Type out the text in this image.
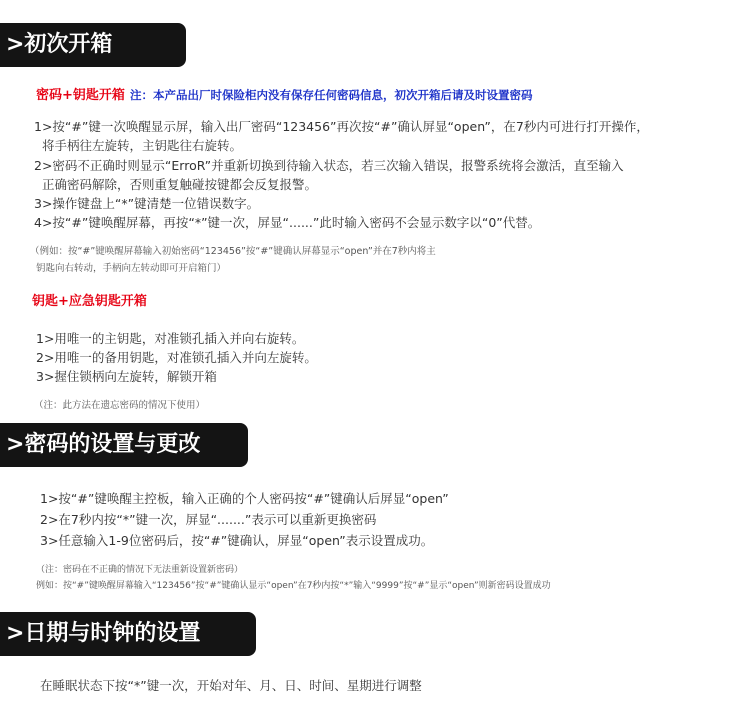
>初次开箱
密码+钥匙开箱 注：本产品出厂时保险柜内没有保存任何密码信息，初次开箱后请及时设置密码
1>按“#”键一次唤醒显示屏，输入出厂密码“123456”再次按“#”确认屏显“open”，在7秒内可进行打开操作，
将手柄往左旋转，主钥匙往右旋转。
2>密码不正确时则显示“ErroR”并重新切换到待输入状态，若三次输入错误，报警系统将会激活，直至输入
正确密码解除，否则重复触碰按键都会反复报警。
3>操作键盘上“*”键清楚一位错误数字。
4>按“#”键唤醒屏幕，再按“*”键一次，屏显“......”此时输入密码不会显示数字以“0”代替。
（例如：按“#”键唤醒屏幕输入初始密码“123456”按“#”键确认屏幕显示“open”并在7秒内将主
钥匙向右转动，手柄向左转动即可开启箱门）
钥匙+应急钥匙开箱
1>用唯一的主钥匙，对准锁孔插入并向右旋转。
2>用唯一的备用钥匙，对准锁孔插入并向左旋转。
3>握住锁柄向左旋转，解锁开箱
（注：此方法在遗忘密码的情况下使用）
>密码的设置与更改
1>按“#”键唤醒主控板，输入正确的个人密码按“#”键确认后屏显“open”
2>在7秒内按“*”键一次，屏显“.......”表示可以重新更换密码
3>任意输入1-9位密码后，按“#”键确认，屏显“open”表示设置成功。
（注：密码在不正确的情况下无法重新设置新密码）
例如：按“#”键唤醒屏幕输入“123456”按“#”键确认显示“open”在7秒内按“*”输入“9999”按“#”显示“open”则新密码设置成功
>日期与时钟的设置
在睡眠状态下按“*”键一次，开始对年、月、日、时间、星期进行调整
